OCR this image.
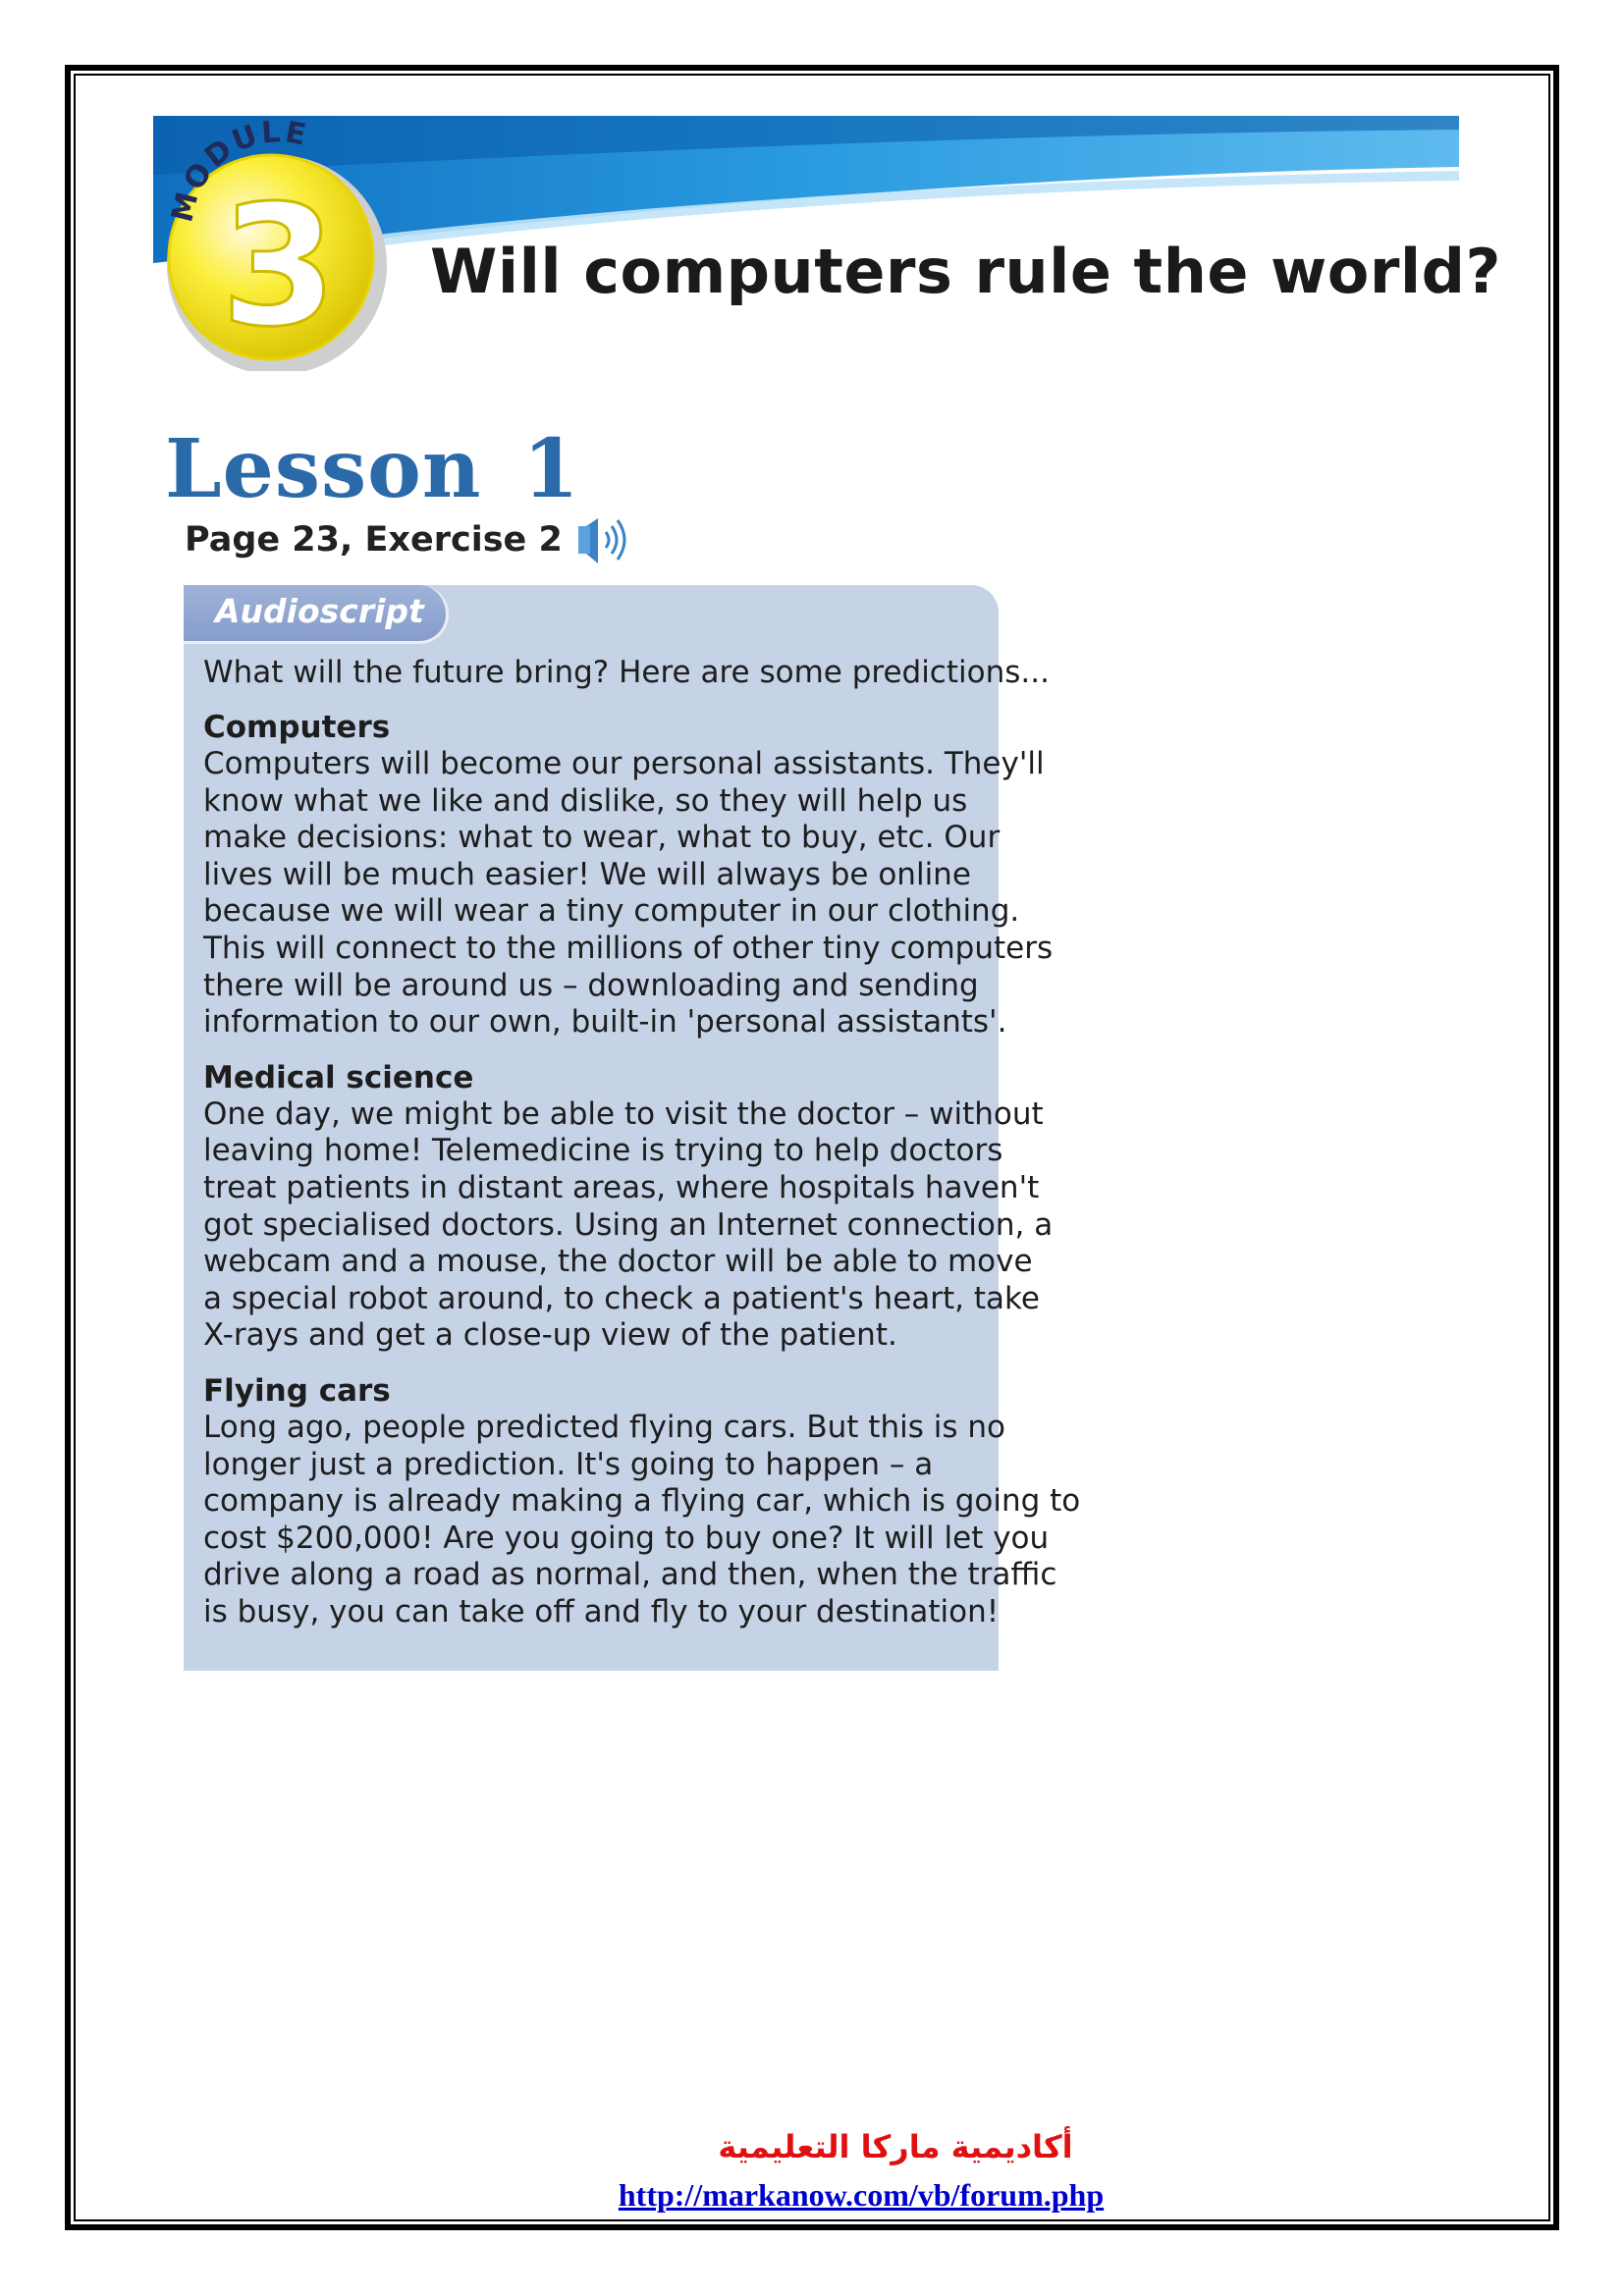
3
MODULE
Will computers rule the world?
Lesson 1
Page 23, Exercise 2
Audioscript

What will the future bring? Here are some predictions...

Computers

Computers will become our personal assistants. They'll
know what we like and dislike, so they will help us
make decisions: what to wear, what to buy, etc. Our
lives will be much easier! We will always be online
because we will wear a tiny computer in our clothing.
This will connect to the millions of other tiny computers
there will be around us – downloading and sending
information to our own, built-in 'personal assistants'.

Medical science

One day, we might be able to visit the doctor – without
leaving home! Telemedicine is trying to help doctors
treat patients in distant areas, where hospitals haven't
got specialised doctors. Using an Internet connection, a
webcam and a mouse, the doctor will be able to move
a special robot around, to check a patient's heart, take
X-rays and get a close-up view of the patient.

Flying cars

Long ago, people predicted flying cars. But this is no
longer just a prediction. It's going to happen – a
company is already making a flying car, which is going to
cost $200,000! Are you going to buy one? It will let you
drive along a road as normal, and then, when the traffic
is busy, you can take off and fly to your destination!

أكاديمية ماركا التعليمية
http://markanow.com/vb/forum.php
